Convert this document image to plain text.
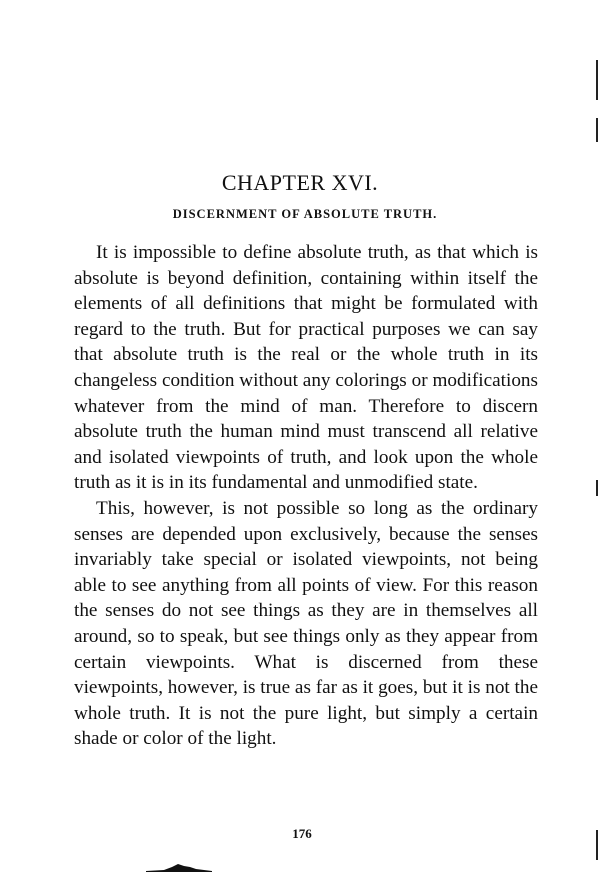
CHAPTER XVI.
DISCERNMENT OF ABSOLUTE TRUTH.

It is impossible to define absolute truth, as that which is absolute is beyond definition, containing within itself the elements of all definitions that might be formulated with regard to the truth. But for practical purposes we can say that absolute truth is the real or the whole truth in its changeless condition without any colorings or modifications whatever from the mind of man. Therefore to discern absolute truth the human mind must transcend all relative and isolated viewpoints of truth, and look upon the whole truth as it is in its fundamental and unmodified state.

This, however, is not possible so long as the ordinary senses are depended upon exclusively, because the senses invariably take special or isolated viewpoints, not being able to see anything from all points of view. For this reason the senses do not see things as they are in themselves all around, so to speak, but see things only as they appear from certain viewpoints. What is discerned from these viewpoints, however, is true as far as it goes, but it is not the whole truth. It is not the pure light, but simply a certain shade or color of the light.

176
